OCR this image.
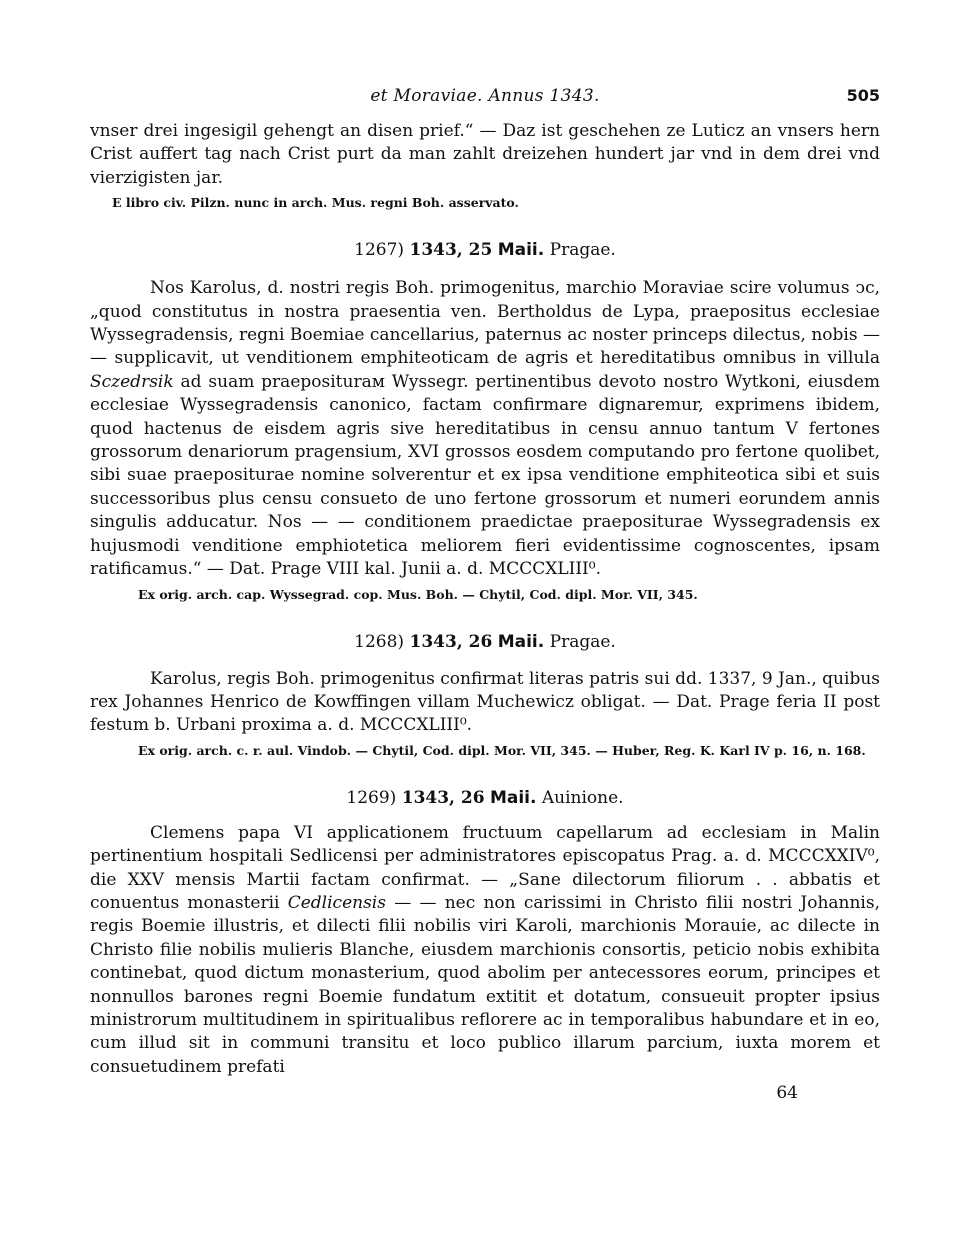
et Moraviae. Annus 1343.	505

vnser drei ingesigil gehengt an disen prief.“ — Daz ist geschehen ze Luticz an vnsers hern Crist auffert tag nach Crist purt da man zahlt dreizehen hundert jar vnd in dem drei vnd vierzigisten jar.

E libro civ. Pilzn. nunc in arch. Mus. regni Boh. asservato.

1267) 1343, 25 Maii. Pragae.

Nos Karolus, d. nostri regis Boh. primogenitus, marchio Moraviae scire volumus ↄc, „quod constitutus in nostra praesentia ven. Bertholdus de Lypa, praepositus ecclesiae Wyssegradensis, regni Boemiae cancellarius, paternus ac noster princeps dilectus, nobis — — supplicavit, ut venditionem emphiteoticam de agris et hereditatibus omnibus in villula Sczedrsik ad suam praepositurам Wyssegr. pertinentibus devoto nostro Wytkoni, eiusdem ecclesiae Wyssegradensis canonico, factam confirmare dignaremur, exprimens ibidem, quod hactenus de eisdem agris sive hereditatibus in censu annuo tantum V fertones grossorum denariorum pragensium, XVI grossos eosdem computando pro fertone quolibet, sibi suae praepositurae nomine solverentur et ex ipsa venditione emphiteotica sibi et suis successoribus plus censu consueto de uno fertone grossorum et numeri eorundem annis singulis adducatur. Nos — — conditionem praedictae praepositurae Wyssegradensis ex hujusmodi venditione emphiotetica meliorem fieri evidentissime cognoscentes, ipsam ratificamus.“ — Dat. Prage VIII kal. Junii a. d. MCCCXLIII⁰.

Ex orig. arch. cap. Wyssegrad. cop. Mus. Boh. — Chytil, Cod. dipl. Mor. VII, 345.

1268) 1343, 26 Maii. Pragae.

Karolus, regis Boh. primogenitus confirmat literas patris sui dd. 1337, 9 Jan., quibus rex Johannes Henrico de Kowffingen villam Muchewicz obligat. — Dat. Prage feria II post festum b. Urbani proxima a. d. MCCCXLIII⁰.

Ex orig. arch. c. r. aul. Vindob. — Chytil, Cod. dipl. Mor. VII, 345. — Huber, Reg. K. Karl IV p. 16, n. 168.

1269) 1343, 26 Maii. Auinione.

Clemens papa VI applicationem fructuum capellarum ad ecclesiam in Malin pertinentium hospitali Sedlicensi per administratores episcopatus Prag. a. d. MCCCXXIV⁰, die XXV mensis Martii factam confirmat. — „Sane dilectorum filiorum . . abbatis et conuentus monasterii Cedlicensis — — nec non carissimi in Christo filii nostri Johannis, regis Boemie illustris, et dilecti filii nobilis viri Karoli, marchionis Morauie, ac dilecte in Christo filie nobilis mulieris Blanche, eiusdem marchionis consortis, peticio nobis exhibita continebat, quod dictum monasterium, quod abolim per antecessores eorum, principes et nonnullos barones regni Boemie fundatum extitit et dotatum, consueuit propter ipsius ministrorum multitudinem in spiritualibus reflorere ac in temporalibus habundare et in eo, cum illud sit in communi transitu et loco publico illarum parcium, iuxta morem et consuetudinem prefati

64
